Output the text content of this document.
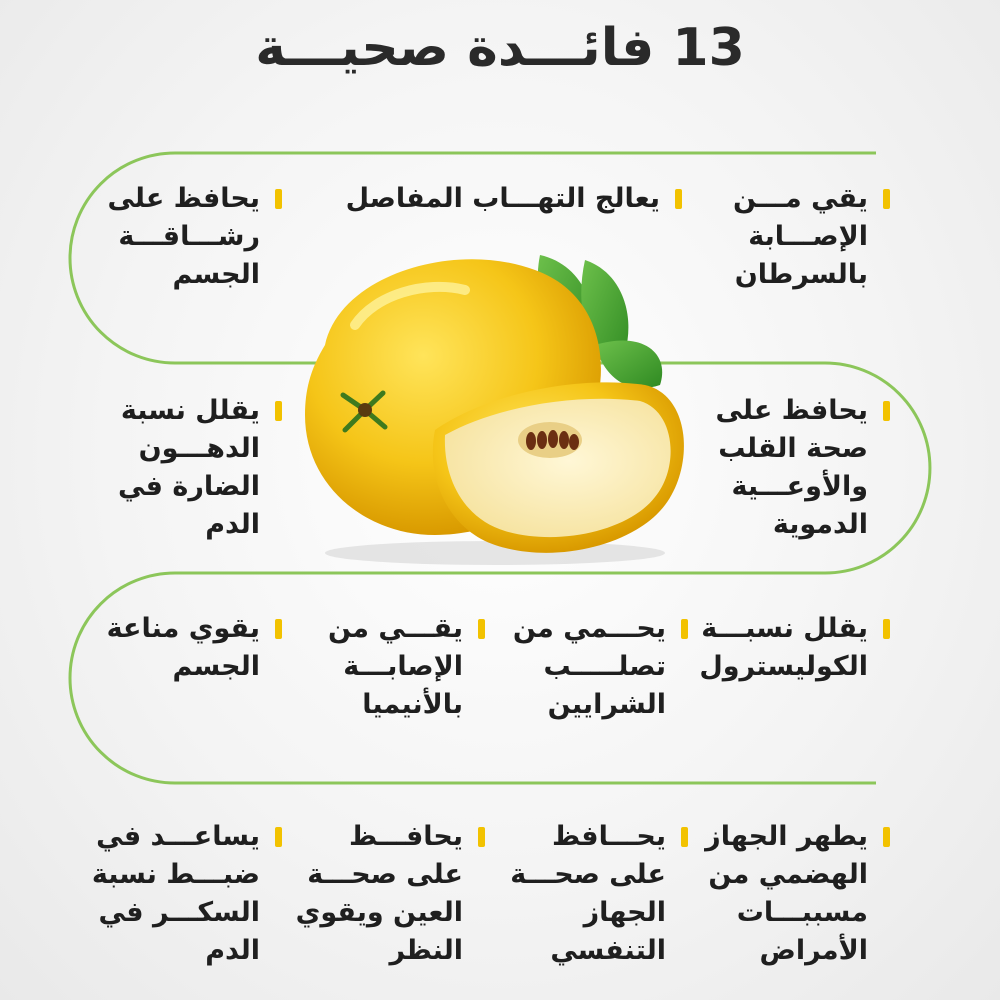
13 فائـــدة صحيـــة
يقي مـــن الإصـــابة بالسرطان
يعالج التهـــاب المفاصل
يحافظ على رشـــاقـــة الجسم
يحافظ على صحة القلب والأوعـــية الدموية
يقلل نسبة الدهـــون الضارة في الدم
يقلل نسبـــة الكوليسترول
يحـــمي من تصلـــــب الشرايين
يقـــي من الإصابـــة بالأنيميا
يقوي مناعة الجسم
يطهر الجهاز الهضمي من مسببـــات الأمراض
يحـــافظ على صحـــة الجهاز التنفسي
يحافـــظ على صحـــة العين ويقوي النظر
يساعـــد في ضبـــط نسبة السكـــر في الدم
